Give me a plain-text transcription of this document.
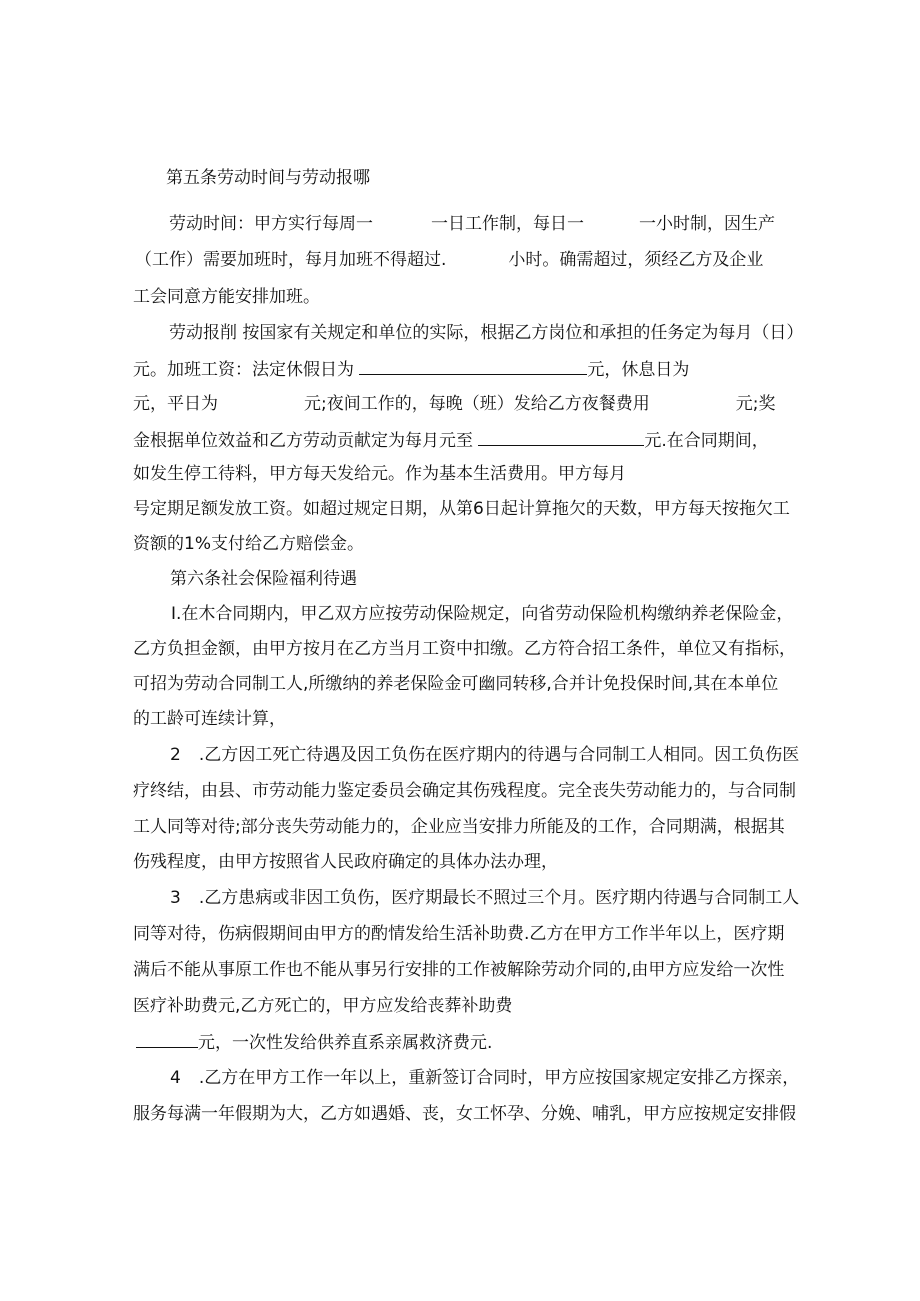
第五条劳动时间与劳动报哪
劳动时间：甲方实行每周一	一日工作制，每日一	一小时制，因生产
（工作）需要加班时，每月加班不得超过.	小时。确需超过，须经乙方及企业
工会同意方能安排加班。
劳动报削 按国家有关规定和单位的实际，根据乙方岗位和承担的任务定为每月（日）
元。加班工资：法定休假日为	元，休息日为
元，平日为	元;夜间工作的，每晚（班）发给乙方夜餐费用	元;奖
金根据单位效益和乙方劳动贡献定为每月元至	元.在合同期间，
如发生停工待料，甲方每天发给元。作为基本生活费用。甲方每月
号定期足额发放工资。如超过规定日期，从第6日起计算拖欠的天数，甲方每天按拖欠工
资额的1%支付给乙方赔偿金。
第六条社会保险福利待遇
I.在木合同期内，甲乙双方应按劳动保险规定，向省劳动保险机构缴纳养老保险金，
乙方负担金额，由甲方按月在乙方当月工资中扣缴。乙方符合招工条件，单位又有指标，
可招为劳动合同制工人,所缴纳的养老保险金可幽同转移,合并计免投保时间,其在本单位
的工龄可连续计算，
2 .乙方因工死亡待遇及因工负伤在医疗期内的待遇与合同制工人相同。因工负伤医
疗终结，由县、市劳动能力鉴定委员会确定其伤残程度。完全丧失劳动能力的，与合同制
工人同等对待;部分丧失劳动能力的，企业应当安排力所能及的工作，合同期满，根据其
伤残程度，由甲方按照省人民政府确定的具体办法办理，
3 .乙方患病或非因工负伤，医疗期最长不照过三个月。医疗期内待遇与合同制工人
同等对待，伤病假期间由甲方的酌情发给生活补助费.乙方在甲方工作半年以上，医疗期
满后不能从事原工作也不能从事另行安排的工作被解除劳动介同的,由甲方应发给一次性
医疗补助费元,乙方死亡的，甲方应发给丧葬补助费
元，一次性发给供养直系亲属救济费元.
4 .乙方在甲方工作一年以上，重新签订合同时，甲方应按国家规定安排乙方探亲，
服务每满一年假期为大，乙方如遇婚、丧，女工怀孕、分娩、哺乳，甲方应按规定安排假
